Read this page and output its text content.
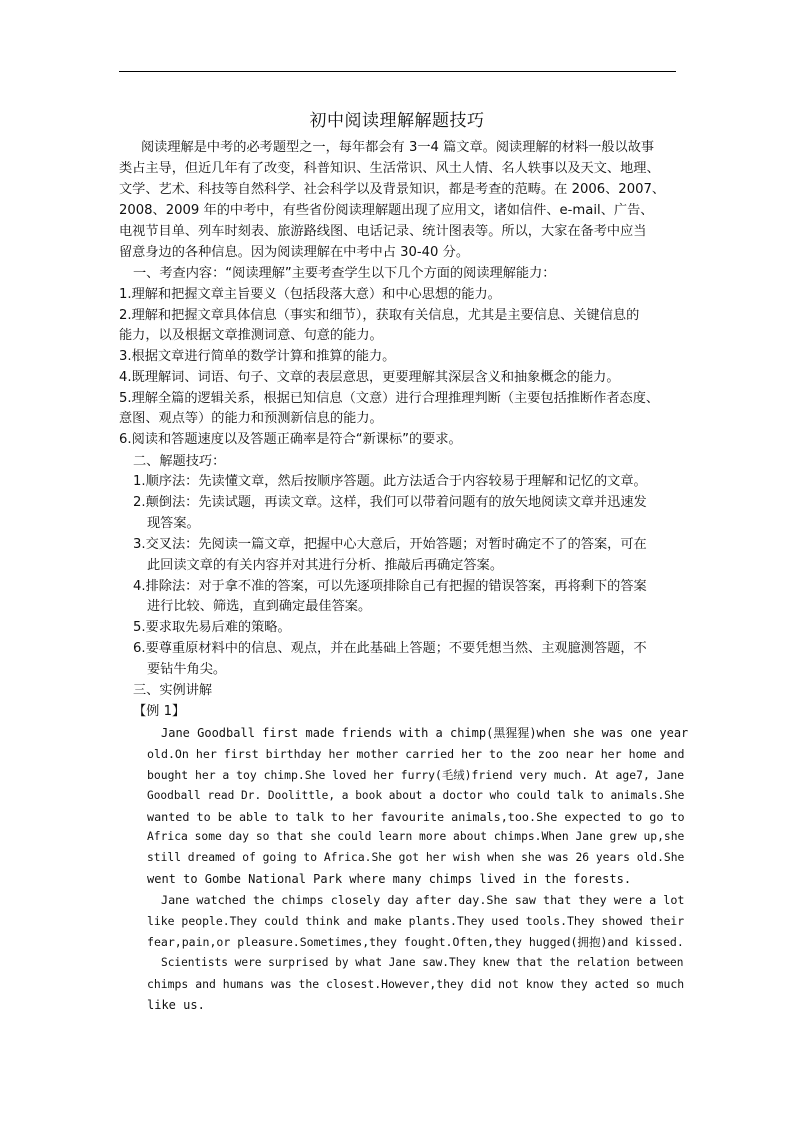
初中阅读理解解题技巧
阅读理解是中考的必考题型之一，每年都会有 3一4 篇文章。阅读理解的材料一般以故事
类占主导，但近几年有了改变，科普知识、生活常识、风土人情、名人轶事以及天文、地理、
文学、艺术、科技等自然科学、社会科学以及背景知识，都是考查的范畴。在 2006、2007、
2008、2009 年的中考中，有些省份阅读理解题出现了应用文，诸如信件、e-mail、广告、
电视节目单、列车时刻表、旅游路线图、电话记录、统计图表等。所以，大家在备考中应当
留意身边的各种信息。因为阅读理解在中考中占 30-40 分。
一、考查内容：“阅读理解”主要考查学生以下几个方面的阅读理解能力：
1.理解和把握文章主旨要义（包括段落大意）和中心思想的能力。
2.理解和把握文章具体信息（事实和细节），获取有关信息，尤其是主要信息、关键信息的
能力，以及根据文章推测词意、句意的能力。
3.根据文章进行简单的数学计算和推算的能力。
4.既理解词、词语、句子、文章的表层意思，更要理解其深层含义和抽象概念的能力。
5.理解全篇的逻辑关系，根据已知信息（文意）进行合理推理判断（主要包括推断作者态度、
意图、观点等）的能力和预测新信息的能力。
6.阅读和答题速度以及答题正确率是符合“新课标”的要求。
二、解题技巧：
1.顺序法：先读懂文章，然后按顺序答题。此方法适合于内容较易于理解和记忆的文章。
2.颠倒法：先读试题，再读文章。这样，我们可以带着问题有的放矢地阅读文章并迅速发
现答案。
3.交叉法：先阅读一篇文章，把握中心大意后，开始答题；对暂时确定不了的答案，可在
此回读文章的有关内容并对其进行分析、推敲后再确定答案。
4.排除法：对于拿不准的答案，可以先逐项排除自己有把握的错误答案，再将剩下的答案
进行比较、筛选，直到确定最佳答案。
5.要求取先易后难的策略。
6.要尊重原材料中的信息、观点，并在此基础上答题；不要凭想当然、主观臆测答题，不
要钻牛角尖。
三、实例讲解
【例 1】
Jane Goodball first made friends with a chimp(黑猩猩)when she was one year
old.On her first birthday her mother carried her to the zoo near her home and
bought her a toy chimp.She loved her furry(毛绒)friend very much. At age7, Jane
Goodball read Dr. Doolittle, a book about a doctor who could talk to animals.She
wanted to be able to talk to her favourite animals,too.She expected to go to
Africa some day so that she could learn more about chimps.When Jane grew up,she
still dreamed of going to Africa.She got her wish when she was 26 years old.She
went to Gombe National Park where many chimps lived in the forests.
Jane watched the chimps closely day after day.She saw that they were a lot
like people.They could think and make plants.They used tools.They showed their
fear,pain,or pleasure.Sometimes,they fought.Often,they hugged(拥抱)and kissed.
Scientists were surprised by what Jane saw.They knew that the relation between
chimps and humans was the closest.However,they did not know they acted so much
like us.
